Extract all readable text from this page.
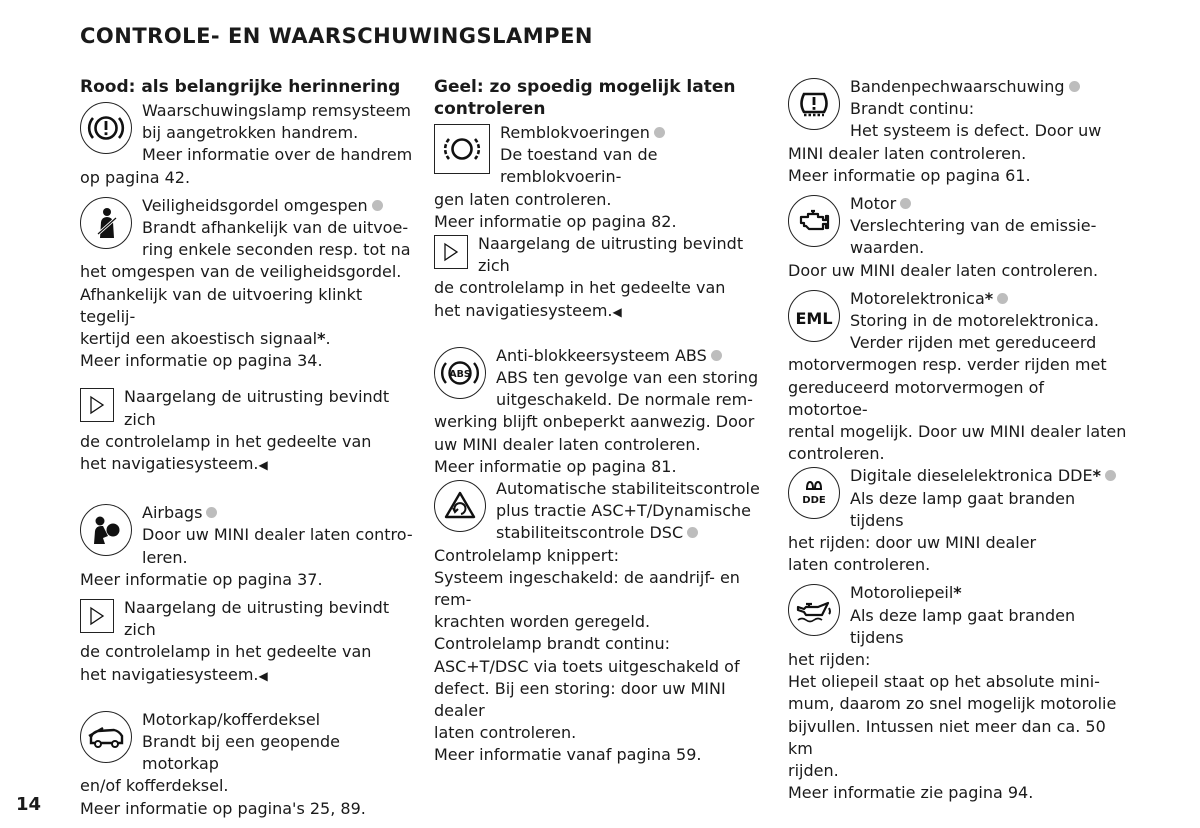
CONTROLE- EN WAARSCHUWINGSLAMPEN
Rood: als belangrijke herinnering

Waarschuwingslamp remsysteem

bij aangetrokken handrem.

Meer informatie over de handrem

op pagina 42.

Veiligheidsgordel omgespen

Brandt afhankelijk van de uitvoe-

ring enkele seconden resp. tot na

het omgespen van de veiligheidsgordel.

Afhankelijk van de uitvoering klinkt tegelij-

kertijd een akoestisch signaal*.

Meer informatie op pagina 34.

Naargelang de uitrusting bevindt zich

de controlelamp in het gedeelte van

het navigatiesysteem.◀

Airbags

Door uw MINI dealer laten contro-

leren.

Meer informatie op pagina 37.

Naargelang de uitrusting bevindt zich

de controlelamp in het gedeelte van

het navigatiesysteem.◀

Motorkap/kofferdeksel

Brandt bij een geopende motorkap

en/of kofferdeksel.

Meer informatie op pagina's 25, 89.

Geel: zo spoedig mogelijk laten
controleren

Remblokvoeringen

De toestand van de remblokvoerin-

gen laten controleren.

Meer informatie op pagina 82.

Naargelang de uitrusting bevindt zich

de controlelamp in het gedeelte van

het navigatiesysteem.◀

ABS

Anti-blokkeersysteem ABS

ABS ten gevolge van een storing

uitgeschakeld. De normale rem-

werking blijft onbeperkt aanwezig. Door

uw MINI dealer laten controleren.

Meer informatie op pagina 81.

Automatische stabiliteitscontrole

plus tractie ASC+T/Dynamische

stabiliteitscontrole DSC

Controlelamp knippert:

Systeem ingeschakeld: de aandrijf- en rem-

krachten worden geregeld.

Controlelamp brandt continu:

ASC+T/DSC via toets uitgeschakeld of

defect. Bij een storing: door uw MINI dealer

laten controleren.

Meer informatie vanaf pagina 59.

Bandenpechwaarschuwing

Brandt continu:

Het systeem is defect. Door uw

MINI dealer laten controleren.

Meer informatie op pagina 61.

Motor

Verslechtering van de emissie-

waarden.

Door uw MINI dealer laten controleren.

EML

Motorelektronica*

Storing in de motorelektronica.

Verder rijden met gereduceerd

motorvermogen resp. verder rijden met

gereduceerd motorvermogen of motortoe-

rental mogelijk. Door uw MINI dealer laten

controleren.

DDE

Digitale dieselelektronica DDE*

Als deze lamp gaat branden tijdens

het rijden: door uw MINI dealer

laten controleren.

Motoroliepeil*

Als deze lamp gaat branden tijdens

het rijden:

Het oliepeil staat op het absolute mini-

mum, daarom zo snel mogelijk motorolie

bijvullen. Intussen niet meer dan ca. 50 km

rijden.

Meer informatie zie pagina 94.

14
